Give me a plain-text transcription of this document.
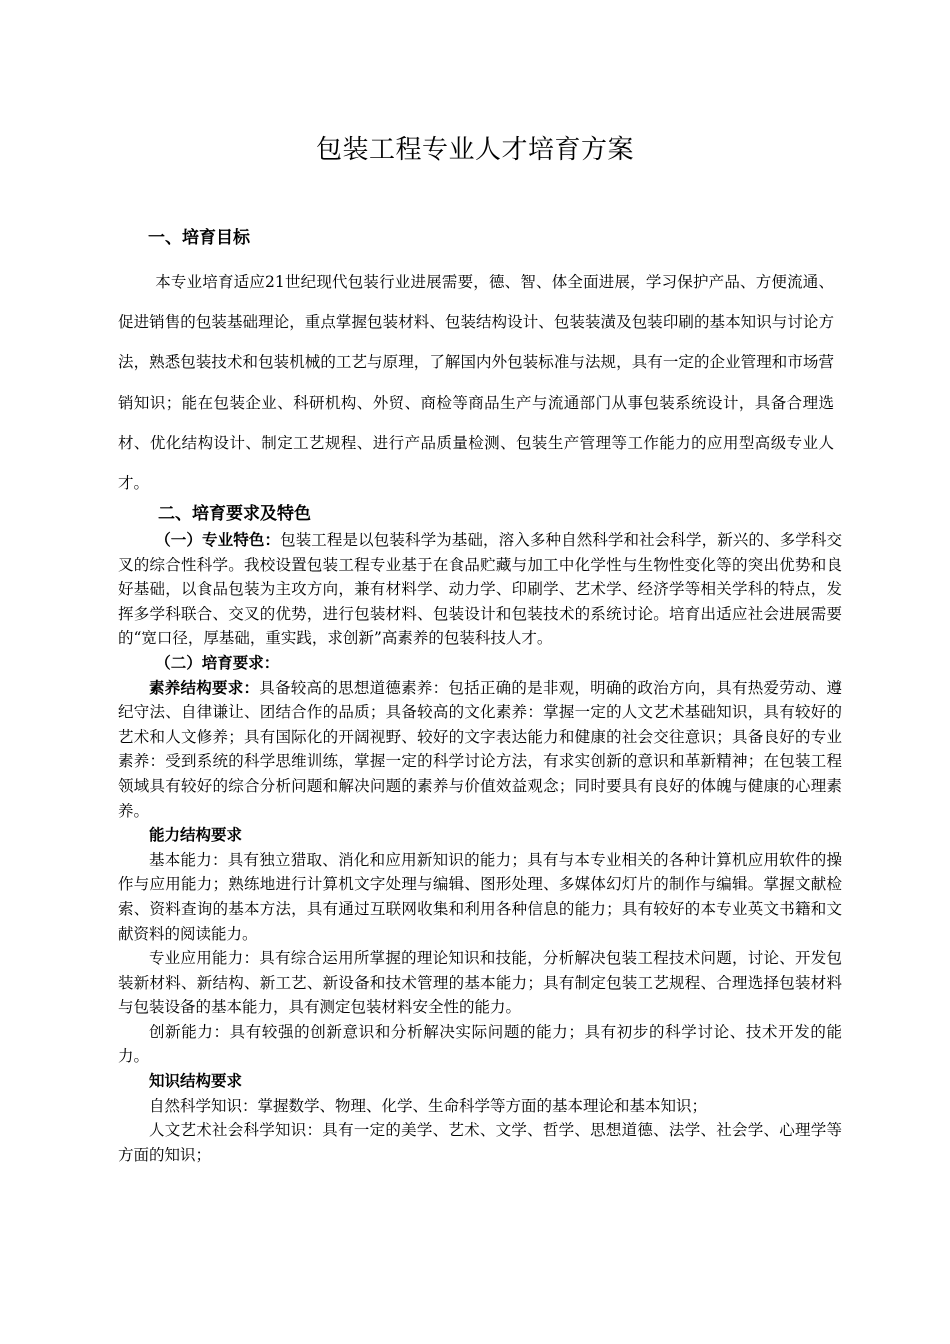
包装工程专业人才培育方案
一、培育目标

本专业培育适应21世纪现代包装行业进展需要，德、智、体全面进展，学习保护产品、方便流通、促进销售的包装基础理论，重点掌握包装材料、包装结构设计、包装装潢及包装印刷的基本知识与讨论方法，熟悉包装技术和包装机械的工艺与原理，了解国内外包装标准与法规，具有一定的企业管理和市场营销知识；能在包装企业、科研机构、外贸、商检等商品生产与流通部门从事包装系统设计，具备合理选材、优化结构设计、制定工艺规程、进行产品质量检测、包装生产管理等工作能力的应用型高级专业人才。

二、培育要求及特色

（一）专业特色：包装工程是以包装科学为基础，溶入多种自然科学和社会科学，新兴的、多学科交叉的综合性科学。我校设置包装工程专业基于在食品贮藏与加工中化学性与生物性变化等的突出优势和良好基础，以食品包装为主攻方向，兼有材料学、动力学、印刷学、艺术学、经济学等相关学科的特点，发挥多学科联合、交叉的优势，进行包装材料、包装设计和包装技术的系统讨论。培育出适应社会进展需要的“宽口径，厚基础，重实践，求创新”高素养的包装科技人才。

（二）培育要求：

素养结构要求：具备较高的思想道德素养：包括正确的是非观，明确的政治方向，具有热爱劳动、遵纪守法、自律谦让、团结合作的品质；具备较高的文化素养：掌握一定的人文艺术基础知识，具有较好的艺术和人文修养；具有国际化的开阔视野、较好的文字表达能力和健康的社会交往意识；具备良好的专业素养：受到系统的科学思维训练，掌握一定的科学讨论方法，有求实创新的意识和革新精神；在包装工程领域具有较好的综合分析问题和解决问题的素养与价值效益观念；同时要具有良好的体魄与健康的心理素养。

能力结构要求

基本能力：具有独立猎取、消化和应用新知识的能力；具有与本专业相关的各种计算机应用软件的操作与应用能力；熟练地进行计算机文字处理与编辑、图形处理、多媒体幻灯片的制作与编辑。掌握文献检索、资料查询的基本方法，具有通过互联网收集和利用各种信息的能力；具有较好的本专业英文书籍和文献资料的阅读能力。

专业应用能力：具有综合运用所掌握的理论知识和技能，分析解决包装工程技术问题，讨论、开发包装新材料、新结构、新工艺、新设备和技术管理的基本能力；具有制定包装工艺规程、合理选择包装材料与包装设备的基本能力，具有测定包装材料安全性的能力。

创新能力：具有较强的创新意识和分析解决实际问题的能力；具有初步的科学讨论、技术开发的能力。

知识结构要求

自然科学知识：掌握数学、物理、化学、生命科学等方面的基本理论和基本知识；

人文艺术社会科学知识：具有一定的美学、艺术、文学、哲学、思想道德、法学、社会学、心理学等方面的知识；
